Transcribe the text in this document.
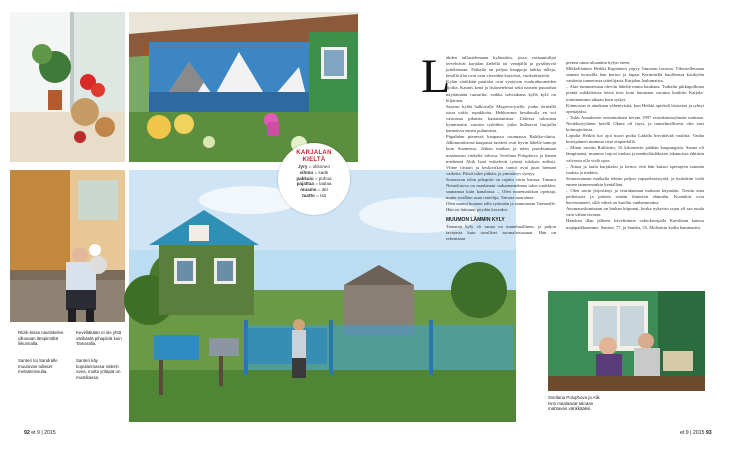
KARJALAN
KIELTÄ
Jyry = ukkonen
vihmu = sade
pakkaiu = puhua
pajattaa = laulaa
muamo = äiti
tuatto = isä
L

ähden tallustelemaan kyläraittia, jossa vastaantulijat tervehtivät karjalan kielellä tai venäjällä ja pysähtyvät juttelemaan. Paikalla on paljon kauppoja taikka talleja, kesällä tilat ovat vain vieraiden käytössä, vuokrakäyttöä.

Kylän värikkäät puutalot ovat syntyisin vuokrahuoneiden ajoilta. Kaunis kenä ja lisäasetelmat sekä naisten puutarhat näyttämään ruusuilta, vaikka talviaikana kyllä kylä on hiljainen.

Saavun kylää halkovalle Megreva-joelle, jonka törmällä istuu vakio ropakkoita. Hehkuvana kesäkuulla en voi vastustaa pikaista kastautumista. Uidessa tulostaan kymmeniin vuosiin tyttöihin, jotka hulluavat hurjoilla kannaissa ennen puhumista.

Pitpahdan pienessä kaupassa ostamassa Baltika-olutta. Jälkimmäisessä kaupassa tuotteet ovat hyvin lähelle samoja kuin Suomessa. Jatkan matkaa ja näen puroksunnan maalaavan värkeliä talossa. Svetlana Poluphova ja hänen miehensä Aliik Ismi esittelevät työnsä tuloksia auliisti. Viime tiistain ja keskiviikon tunnit ovat juuri hieman vaikeita. Päivä tulee pitkän, ja ymmärrys syntyy.

Seuraavan talon pihapiiri on rajattu värin kanssa. Tamara Nemolotova on maalannut saduntunnelmaa talon nurkkiin, saunamaa kuin kanalassa. – Olen matematiikan opettaja, mutta sisälläni asuu taiteilija, Tamara naurahtaa.

Olen saanut kunnan talla syömään ja saunomaan Tamaralle. Hän on laittanut pöydän koreaksi.

MUUMON LÄMMIN KYLY

Tamaran kyly eli sauna on tunnelmallinen, ja paljon tavarasta kuin tavalliset suomalaissaunat. Hän on rakentanut

pienen uima-altaankin kylyn eteen.

Mikkelilainen Heikki Kupiainen yöpyy Tamaran tuvassa. Vihostellessaan saunan terassilla hän kertoo ja lupasi Kerimäellä kuulleensa kotikylän vanhasta tunnetusta taiteilijasta Karjalan laulumaista.

– Alue tunnustetaan oleviin läheltä mutta kaukana. Tudialin pikkupolkuna pieniä suhdaltoisia teistä tiesi kuin huomaan varansa kuultiin Karjala-toimintamme aikaan kuin sytkyi.

Kiinnostus ei ainakaan vähentyisiiä, kun Heikki opiskeli historiaa ja rybtyi opettajaksi.

– Tulin Aunukseen ensimmäisen kerran 1997 seurakuntaryhmän mukana. Neukkutyylinen hotelli Oknia oli täysi, ja tunnelmallisesti olin ensi kotimajoitusta.

Lopulta Heikin luo ajoi nuori poika Ladalla hirvittävää vauhtia. Vanha huivipäinen mummo istui etupenkillä.

– Minut tuotiin Rulttisiin, 16 kilometrin päähän kaupungista. Sauna oli lämpimänä, mummo tarjosi ruokaa ja menkelöidäkseen lakanoissa tähtäsin valvonta olla vielä opas.

– Ainoa ja laulu karjalaksi ja kertoi, että hän kutsui opettajien isännän ruokaa ja makiisi.

Seuraavanaan matkalla tehtiin paljon vapaaehtoistyötä, ja keskittiin vielä ennen taimeenonkin kentälläni.

– Olen usein järjestänyt ja seurakunnan mukana käymään. Tiesiin aina perhetuota ja pääsen sinään ihmisten elämään. Kontaktit ovat harventuneet, sillä väkeä on kuollut vanhemmaksi.

Avumasoskiminaan on hiukan hiipunut, koska nykyisin rajan yli saa tuoda vain vähän tavaraa.

Haaskan illan jälkeen käveltiinme vakiokavajalla Karolinan kanssa majapaikkaamme, Santeri, 77, ja Sandra, 35, Moltsinin kodin kammariin.

Riizik-kissa nautiskelee ulkosaan lämpimältä liikunnalla.
Santeri toi Sandralle muutuvan tullaset metsäreissulta.
Kevelläkään ei ole yhtä värikästä pihapiiriä kuin Tamaralla.
Santeri käy kopulanmassa Valerin ovea, mutta yritäpiä on mustikassa.
Svetlana Poluphova ja Alik Ismi maalaavat taloaan mahtavan värikkääksi.
92 et 9 | 2015	et 9 | 2015 93
